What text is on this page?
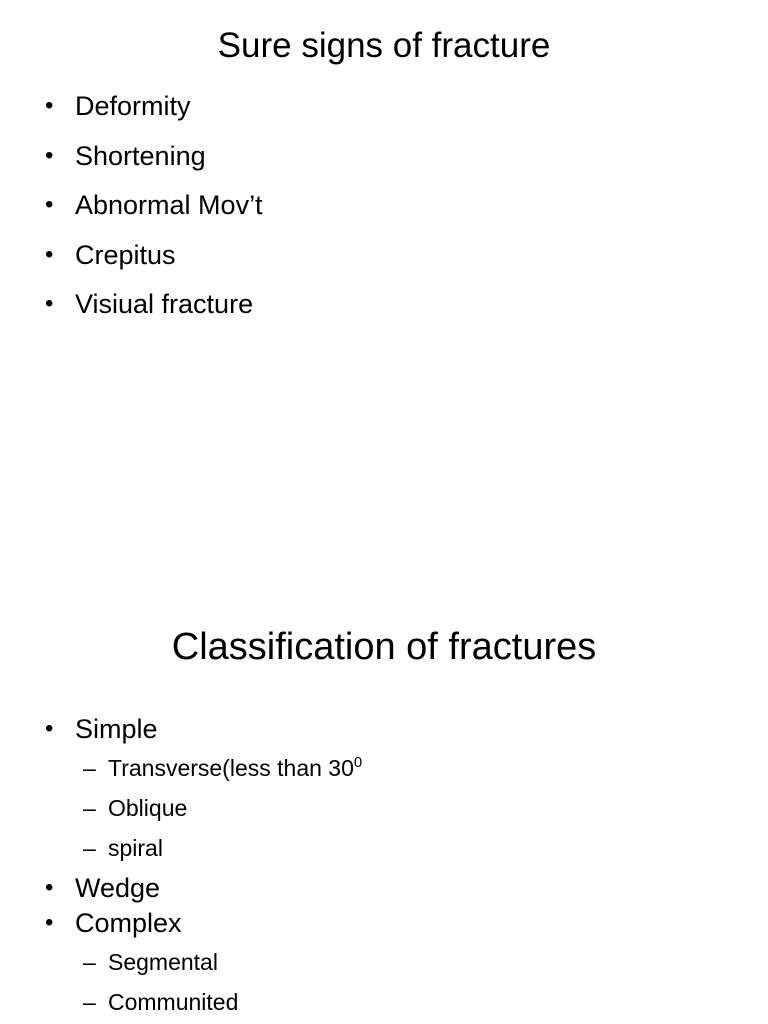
Sure signs of fracture
• Deformity
• Shortening
• Abnormal Mov’t
• Crepitus
• Visiual fracture
Classification of fractures
• Simple
– Transverse(less than $30^0$
– Oblique
– spiral
• Wedge
• Complex
– Segmental
– Communited
